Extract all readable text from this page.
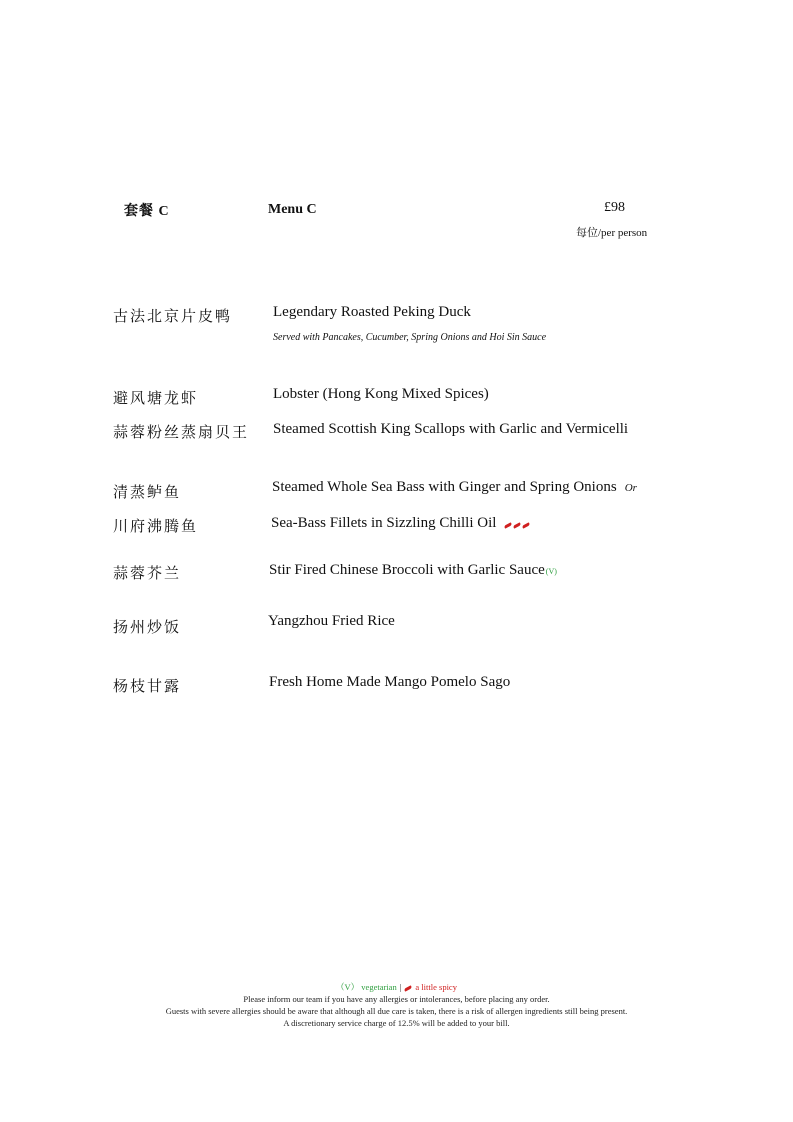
套餐 C	Menu C	£98
每位/per person
古法北京片皮鸭	Legendary Roasted Peking Duck
Served with Pancakes, Cucumber, Spring Onions and Hoi Sin Sauce
避风塘龙虾	Lobster (Hong Kong Mixed Spices)
蒜蓉粉丝蒸扇贝王 Steamed Scottish King Scallops with Garlic and Vermicelli
清蒸鲈鱼	Steamed Whole Sea Bass with Ginger and Spring Onions Or
川府沸腾鱼	Sea-Bass Fillets in Sizzling Chilli Oil
蒜蓉芥兰	Stir Fired Chinese Broccoli with Garlic Sauce(V)
扬州炒饭	Yangzhou Fried Rice
杨枝甘露	Fresh Home Made Mango Pomelo Sago
（V） vegetarian | a little spicy
Please inform our team if you have any allergies or intolerances, before placing any order.
Guests with severe allergies should be aware that although all due care is taken, there is a risk of allergen ingredients still being present.
A discretionary service charge of 12.5% will be added to your bill.
